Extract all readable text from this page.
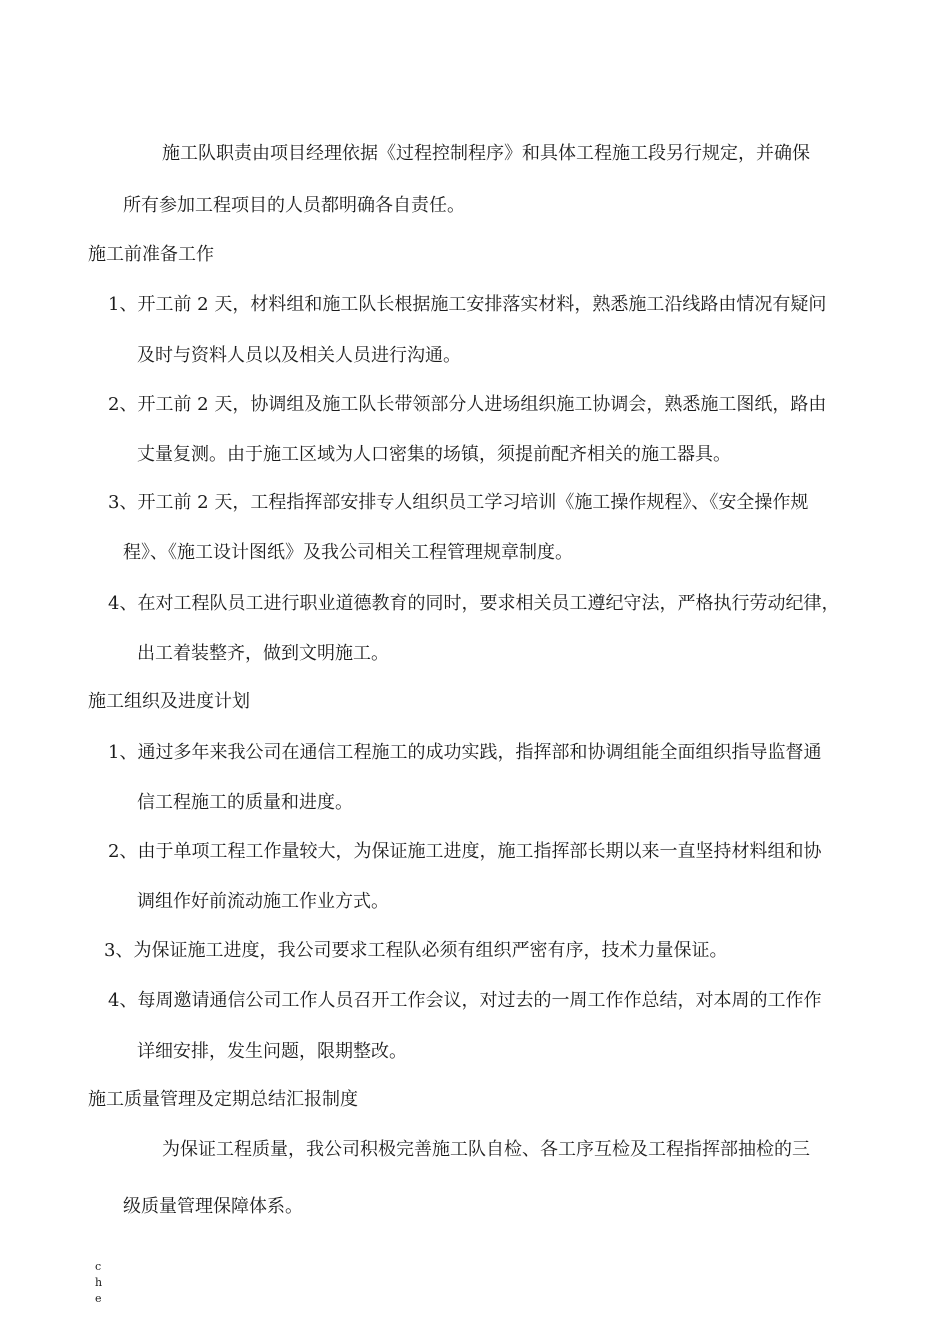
施工队职责由项目经理依据《过程控制程序》和具体工程施工段另行规定，并确保
所有参加工程项目的人员都明确各自责任。
施工前准备工作
1、开工前 2 天，材料组和施工队长根据施工安排落实材料，熟悉施工沿线路由情况有疑问
及时与资料人员以及相关人员进行沟通。
2、开工前 2 天，协调组及施工队长带领部分人进场组织施工协调会，熟悉施工图纸，路由
丈量复测。由于施工区域为人口密集的场镇，须提前配齐相关的施工器具。
3、开工前 2 天，工程指挥部安排专人组织员工学习培训《施工操作规程》、《安全操作规
程》、《施工设计图纸》及我公司相关工程管理规章制度。
4、在对工程队员工进行职业道德教育的同时，要求相关员工遵纪守法，严格执行劳动纪律，
出工着装整齐，做到文明施工。
施工组织及进度计划
1、通过多年来我公司在通信工程施工的成功实践，指挥部和协调组能全面组织指导监督通
信工程施工的质量和进度。
2、由于单项工程工作量较大，为保证施工进度，施工指挥部长期以来一直坚持材料组和协
调组作好前流动施工作业方式。
3、为保证施工进度，我公司要求工程队必须有组织严密有序，技术力量保证。
4、每周邀请通信公司工作人员召开工作会议，对过去的一周工作作总结，对本周的工作作
详细安排，发生问题，限期整改。
施工质量管理及定期总结汇报制度
为保证工程质量，我公司积极完善施工队自检、各工序互检及工程指挥部抽检的三
级质量管理保障体系。
c
h
e
